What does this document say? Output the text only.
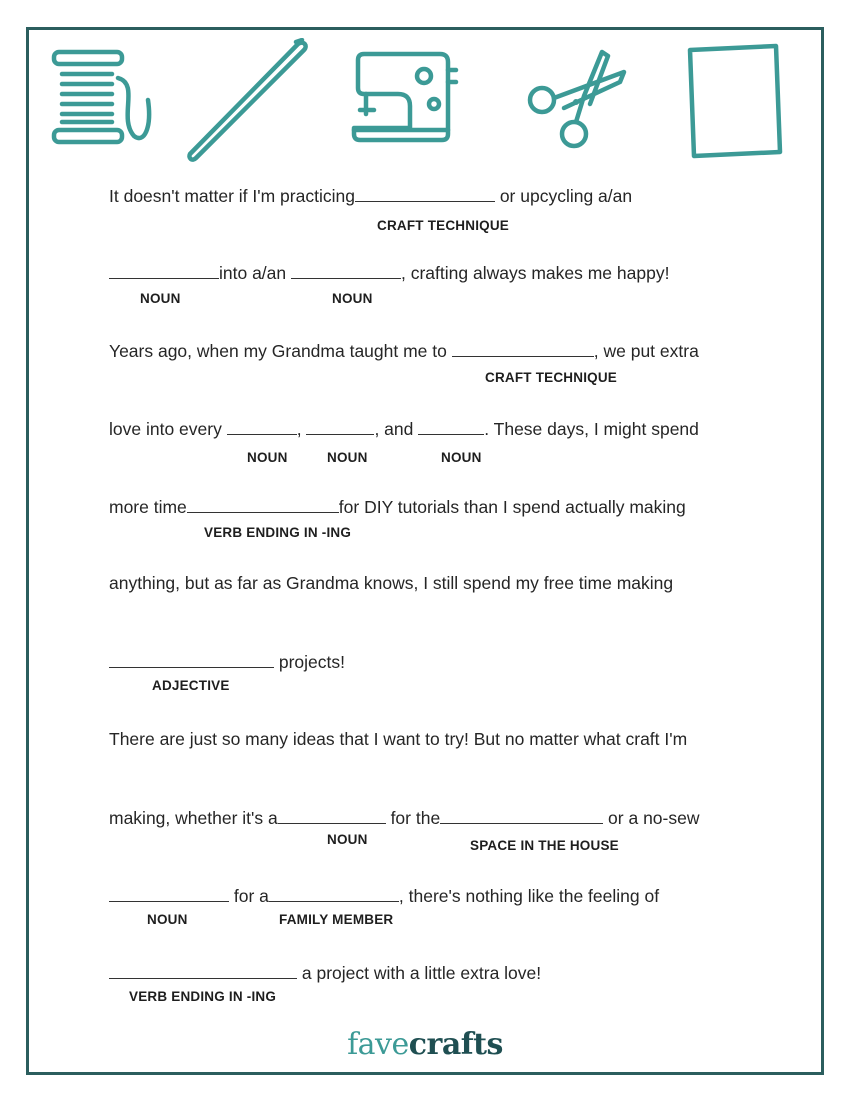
It doesn't matter if I'm practicing	or upcycling a/an
CRAFT TECHNIQUE
into a/an	, crafting always makes me happy!
NOUN	NOUN
Years ago, when my Grandma taught me to	, we put extra
CRAFT TECHNIQUE
love into every	,	, and	. These days, I might spend
NOUN	NOUN	NOUN
more time	for DIY tutorials than I spend actually making
VERB ENDING IN -ING
anything, but as far as Grandma knows, I still spend my free time making
projects!
ADJECTIVE
There are just so many ideas that I want to try! But no matter what craft I'm
making, whether it's a	for the	or a no-sew
NOUN	SPACE IN THE HOUSE
for a	, there's nothing like the feeling of
NOUN	FAMILY MEMBER
a project with a little extra love!
VERB ENDING IN -ING
favecrafts
